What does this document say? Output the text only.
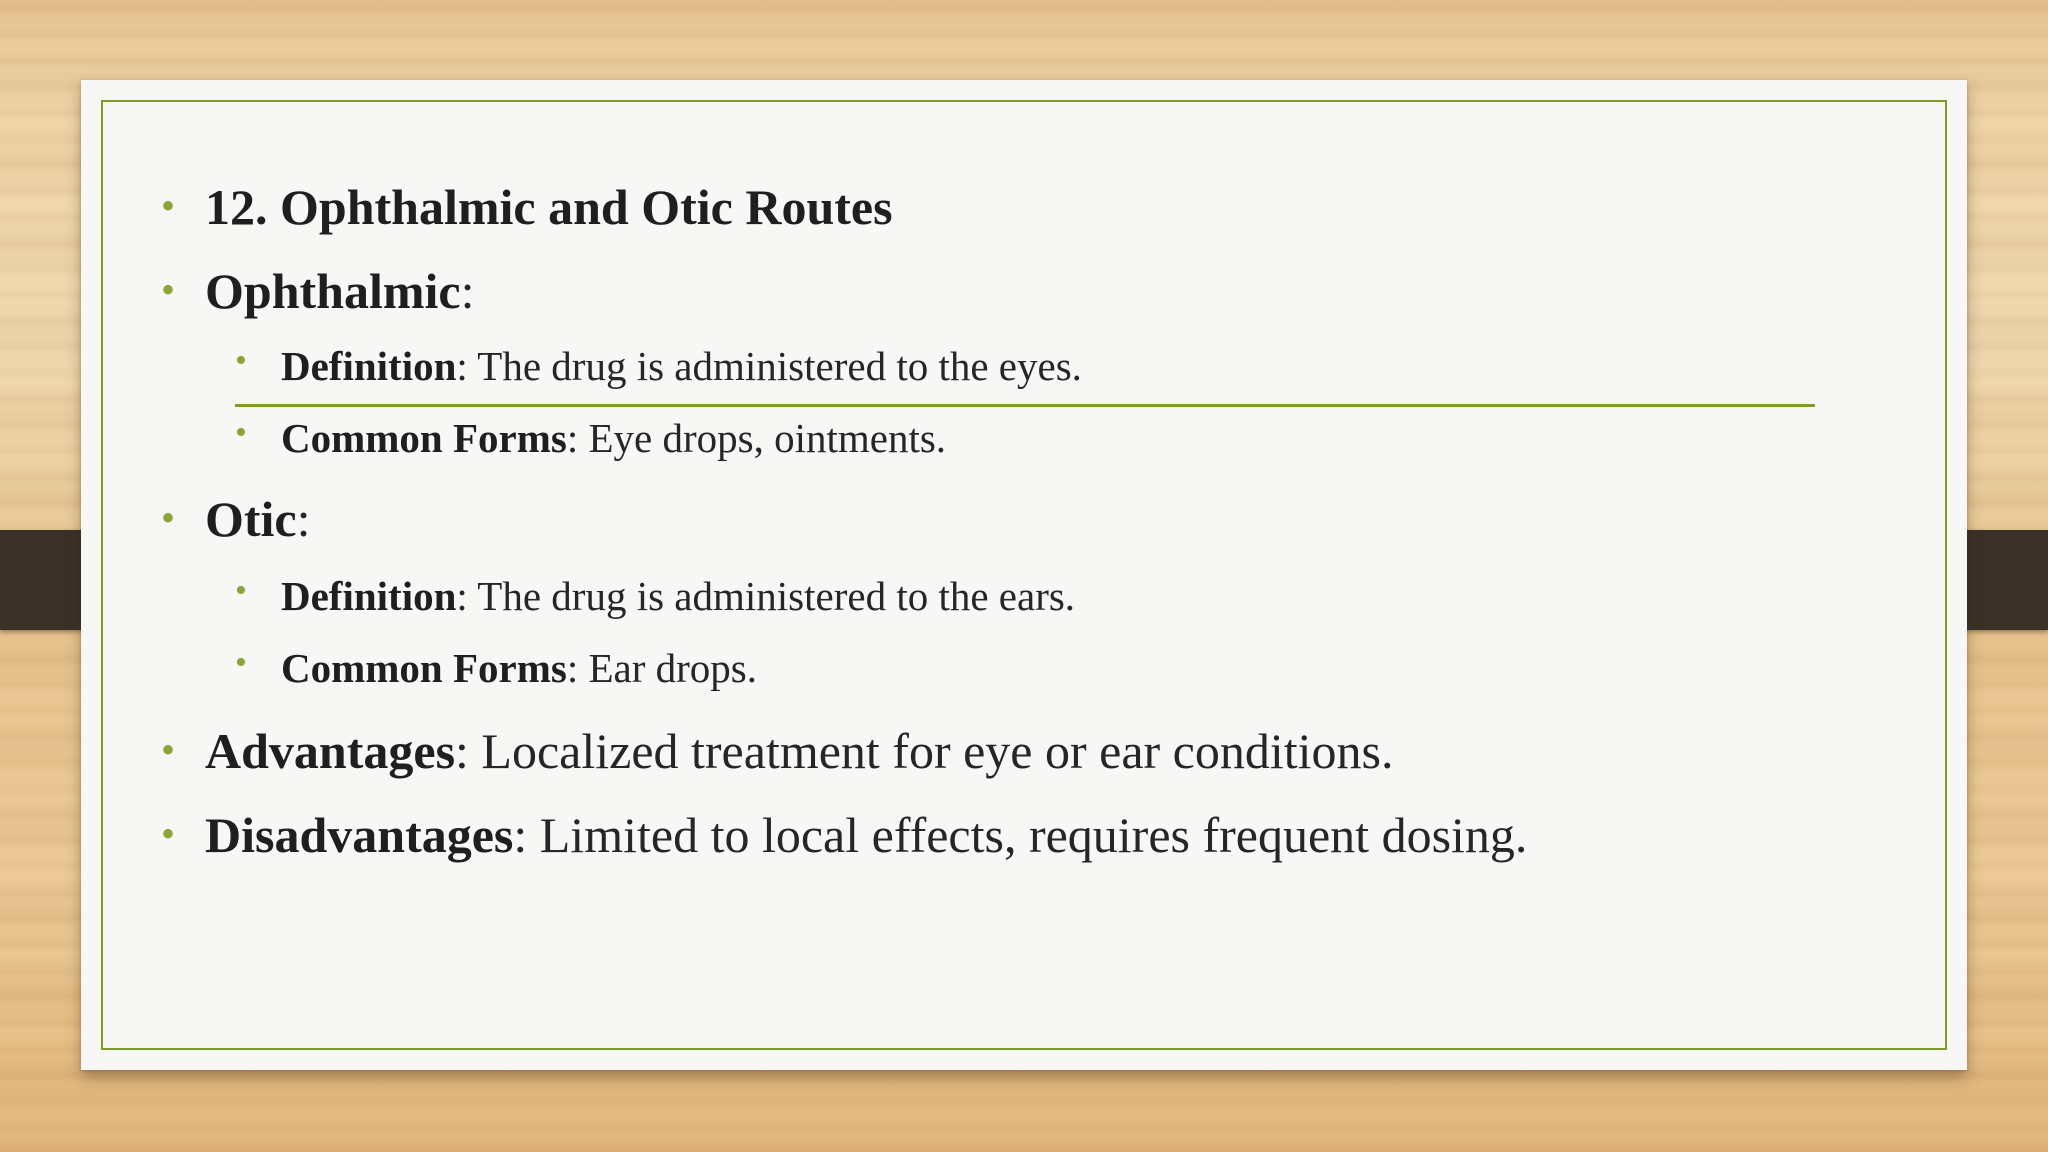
• 12. Ophthalmic and Otic Routes
• Ophthalmic:
• Definition: The drug is administered to the eyes.
• Common Forms: Eye drops, ointments.
• Otic:
• Definition: The drug is administered to the ears.
• Common Forms: Ear drops.
• Advantages: Localized treatment for eye or ear conditions.
• Disadvantages: Limited to local effects, requires frequent dosing.
